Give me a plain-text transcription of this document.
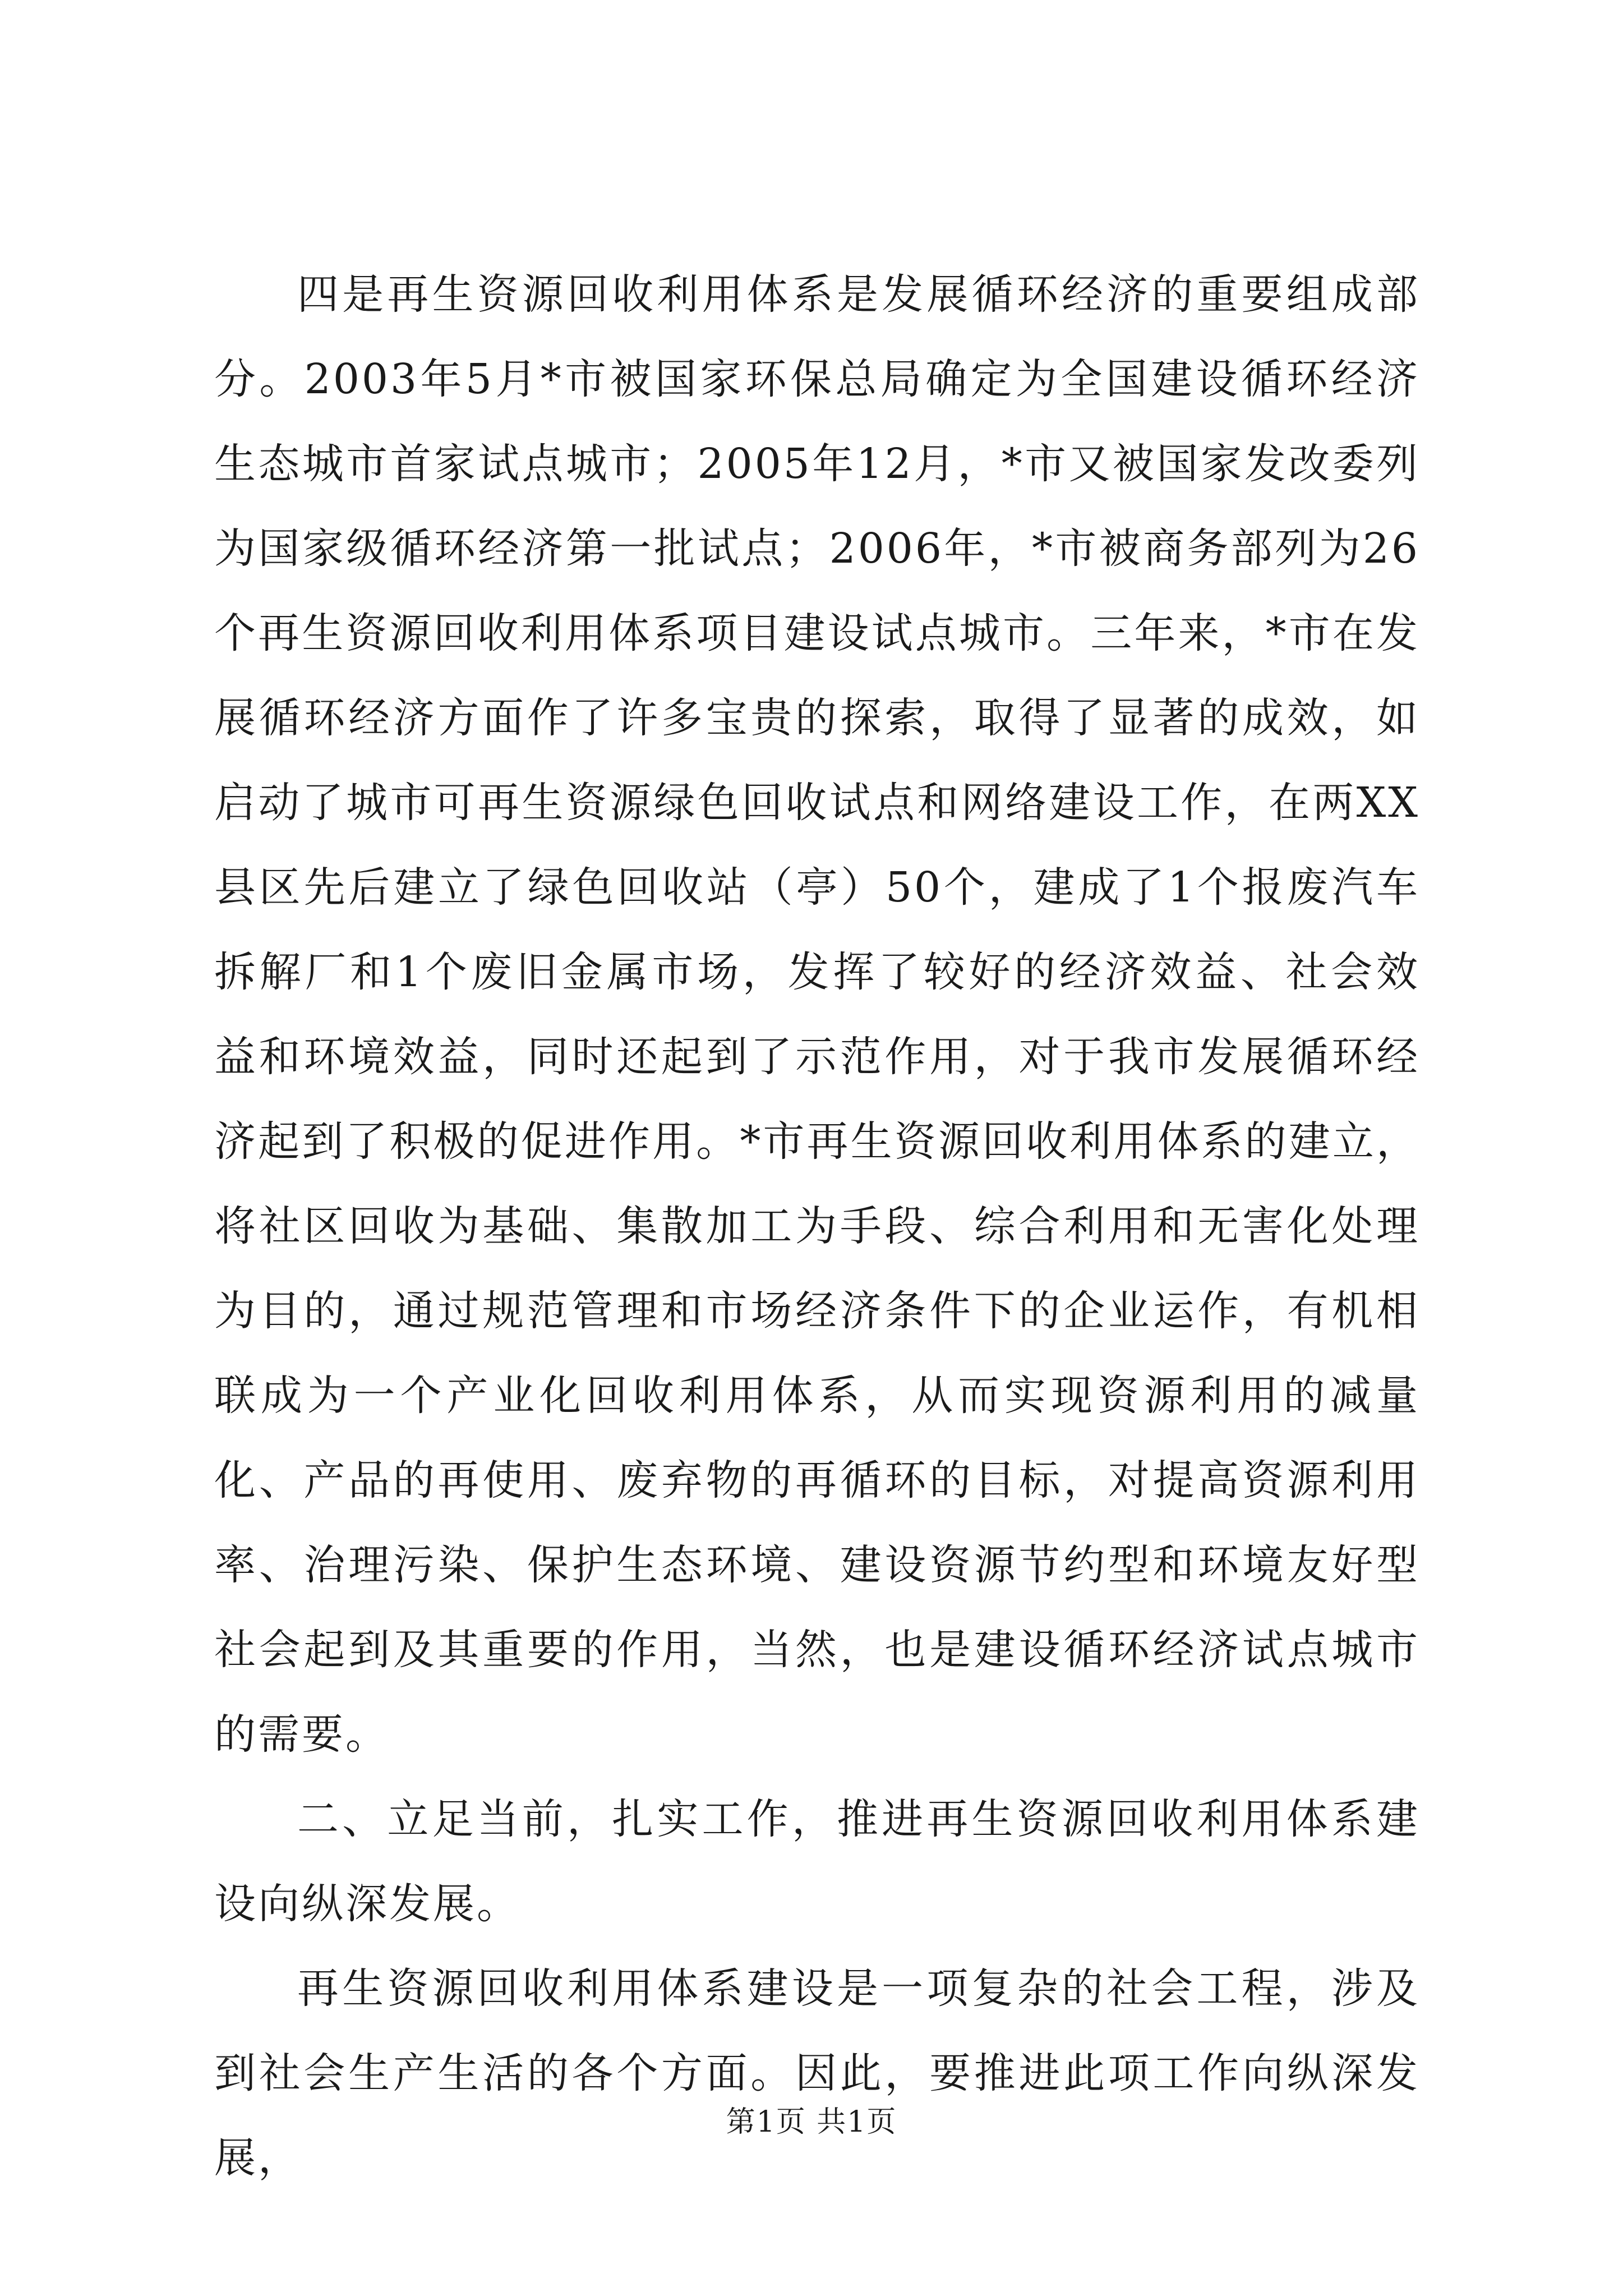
四是再生资源回收利用体系是发展循环经济的重要组成部分。2003年5月*市被国家环保总局确定为全国建设循环经济生态城市首家试点城市；2005年12月，*市又被国家发改委列为国家级循环经济第一批试点；2006年，*市被商务部列为26个再生资源回收利用体系项目建设试点城市。三年来，*市在发展循环经济方面作了许多宝贵的探索，取得了显著的成效，如启动了城市可再生资源绿色回收试点和网络建设工作，在两XX县区先后建立了绿色回收站（亭）50个，建成了1个报废汽车拆解厂和1个废旧金属市场，发挥了较好的经济效益、社会效益和环境效益，同时还起到了示范作用，对于我市发展循环经济起到了积极的促进作用。*市再生资源回收利用体系的建立，将社区回收为基础、集散加工为手段、综合利用和无害化处理为目的，通过规范管理和市场经济条件下的企业运作，有机相联成为一个产业化回收利用体系，从而实现资源利用的减量化、产品的再使用、废弃物的再循环的目标，对提高资源利用率、治理污染、保护生态环境、建设资源节约型和环境友好型社会起到及其重要的作用，当然，也是建设循环经济试点城市的需要。

二、立足当前，扎实工作，推进再生资源回收利用体系建设向纵深发展。

再生资源回收利用体系建设是一项复杂的社会工程，涉及到社会生产生活的各个方面。因此，要推进此项工作向纵深发展，

第1页 共1页
